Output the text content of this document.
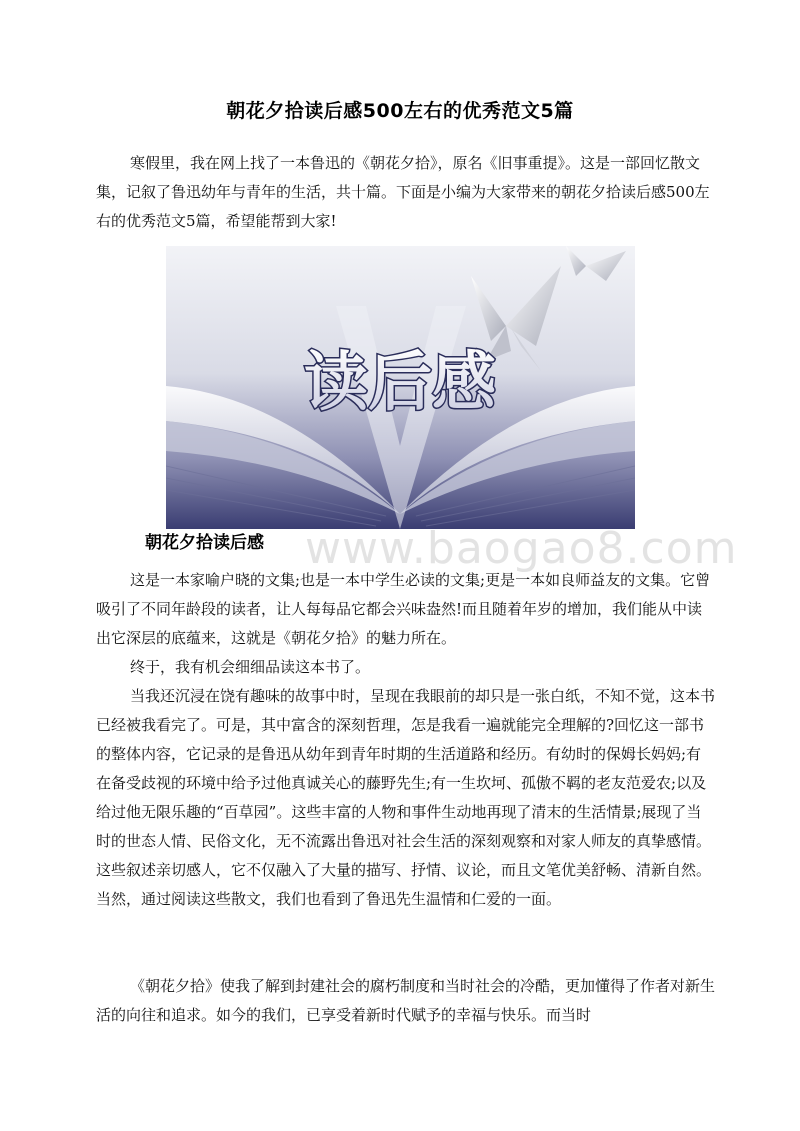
朝花夕拾读后感500左右的优秀范文5篇

寒假里，我在网上找了一本鲁迅的《朝花夕拾》，原名《旧事重提》。这是一部回忆散文集，记叙了鲁迅幼年与青年的生活，共十篇。下面是小编为大家带来的朝花夕拾读后感500左右的优秀范文5篇，希望能帮到大家!

读后感
www.baogao8.com
朝花夕拾读后感

这是一本家喻户晓的文集;也是一本中学生必读的文集;更是一本如良师益友的文集。它曾吸引了不同年龄段的读者，让人每每品它都会兴味盎然!而且随着年岁的增加，我们能从中读出它深层的底蕴来，这就是《朝花夕拾》的魅力所在。

终于，我有机会细细品读这本书了。

当我还沉浸在饶有趣味的故事中时，呈现在我眼前的却只是一张白纸，不知不觉，这本书已经被我看完了。可是，其中富含的深刻哲理，怎是我看一遍就能完全理解的?回忆这一部书的整体内容，它记录的是鲁迅从幼年到青年时期的生活道路和经历。有幼时的保姆长妈妈;有在备受歧视的环境中给予过他真诚关心的藤野先生;有一生坎坷、孤傲不羁的老友范爱农;以及给过他无限乐趣的“百草园”。这些丰富的人物和事件生动地再现了清末的生活情景;展现了当时的世态人情、民俗文化，无不流露出鲁迅对社会生活的深刻观察和对家人师友的真挚感情。这些叙述亲切感人，它不仅融入了大量的描写、抒情、议论，而且文笔优美舒畅、清新自然。当然，通过阅读这些散文，我们也看到了鲁迅先生温情和仁爱的一面。

《朝花夕拾》使我了解到封建社会的腐朽制度和当时社会的冷酷，更加懂得了作者对新生活的向往和追求。如今的我们，已享受着新时代赋予的幸福与快乐。而当时
